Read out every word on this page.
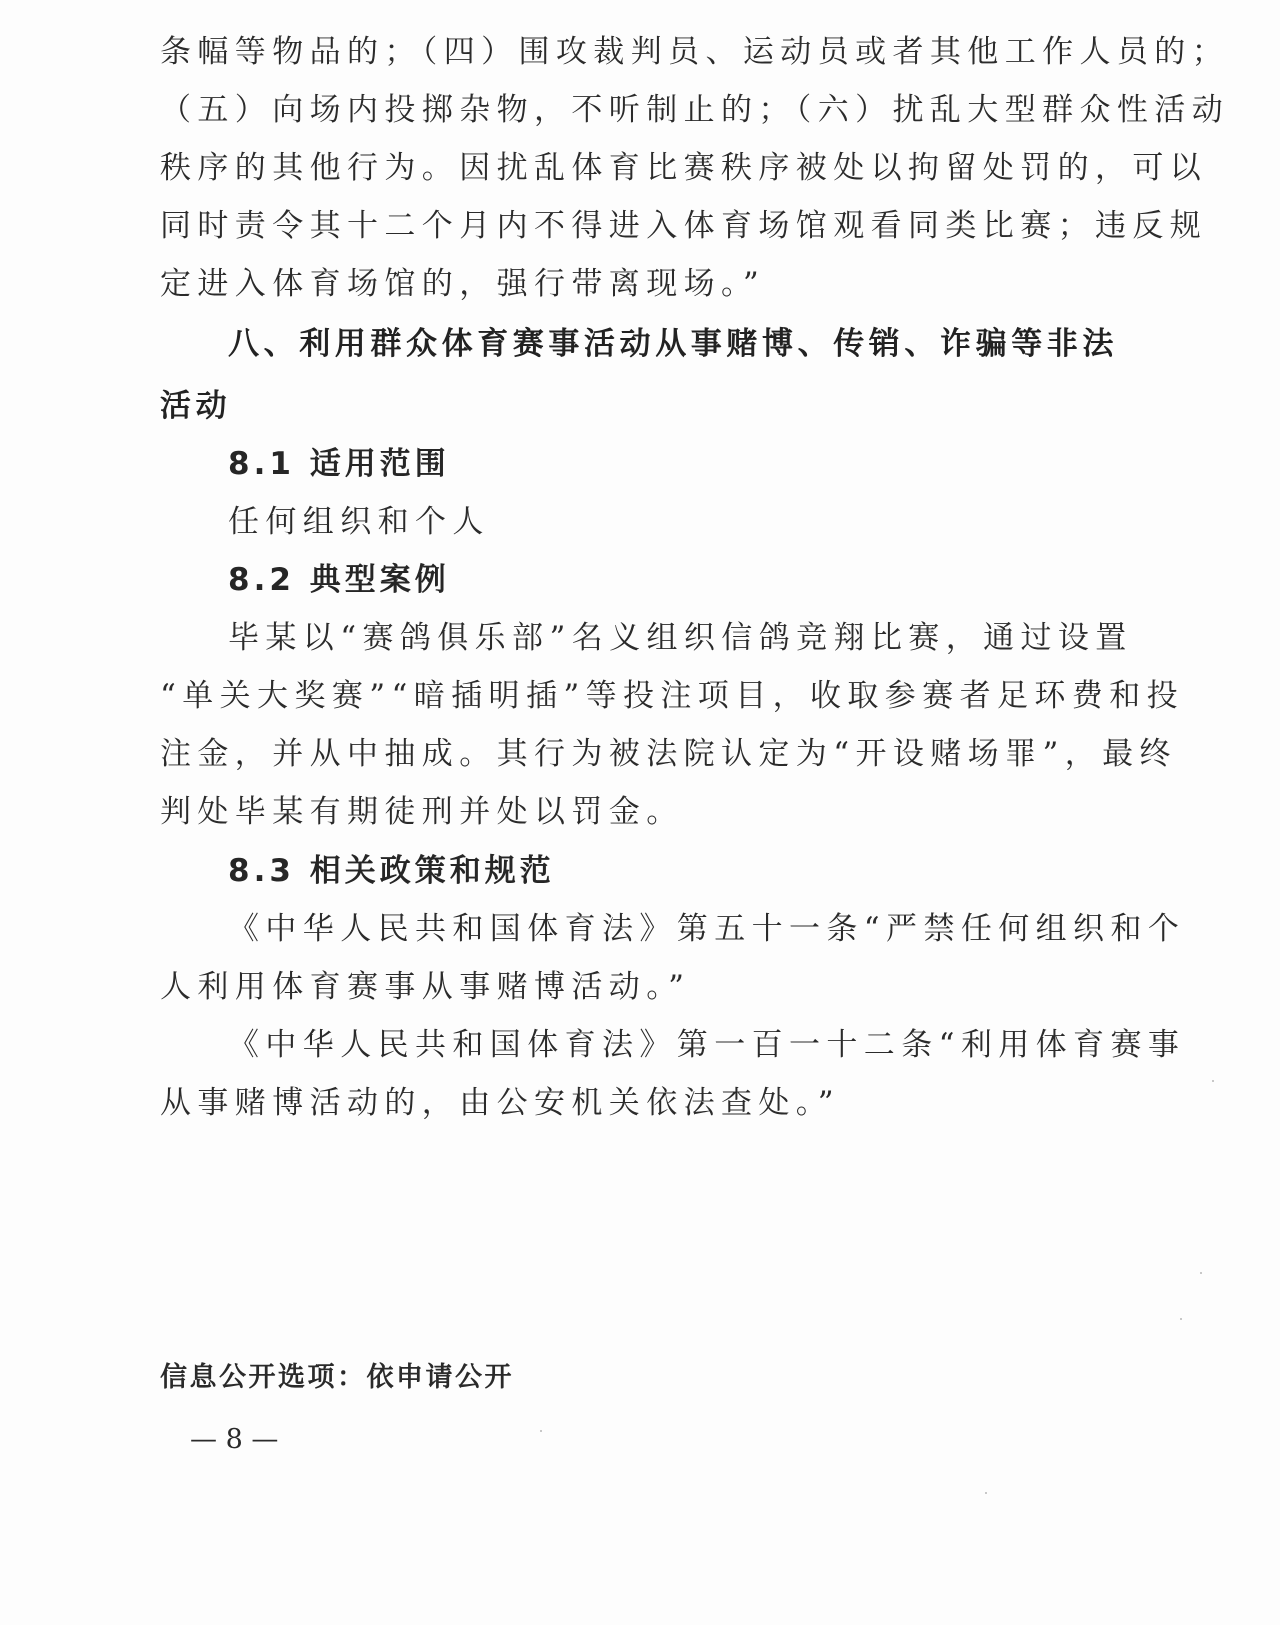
条幅等物品的；（四）围攻裁判员、运动员或者其他工作人员的；
（五）向场内投掷杂物，不听制止的；（六）扰乱大型群众性活动
秩序的其他行为。因扰乱体育比赛秩序被处以拘留处罚的，可以
同时责令其十二个月内不得进入体育场馆观看同类比赛；违反规
定进入体育场馆的，强行带离现场。”
八、利用群众体育赛事活动从事赌博、传销、诈骗等非法
活动
8.1 适用范围
任何组织和个人
8.2 典型案例
毕某以“赛鸽俱乐部”名义组织信鸽竞翔比赛，通过设置
“单关大奖赛”“暗插明插”等投注项目，收取参赛者足环费和投
注金，并从中抽成。其行为被法院认定为“开设赌场罪”，最终
判处毕某有期徒刑并处以罚金。
8.3 相关政策和规范
《中华人民共和国体育法》第五十一条“严禁任何组织和个
人利用体育赛事从事赌博活动。”
《中华人民共和国体育法》第一百一十二条“利用体育赛事
从事赌博活动的，由公安机关依法查处。”
信息公开选项：依申请公开
— 8 —
